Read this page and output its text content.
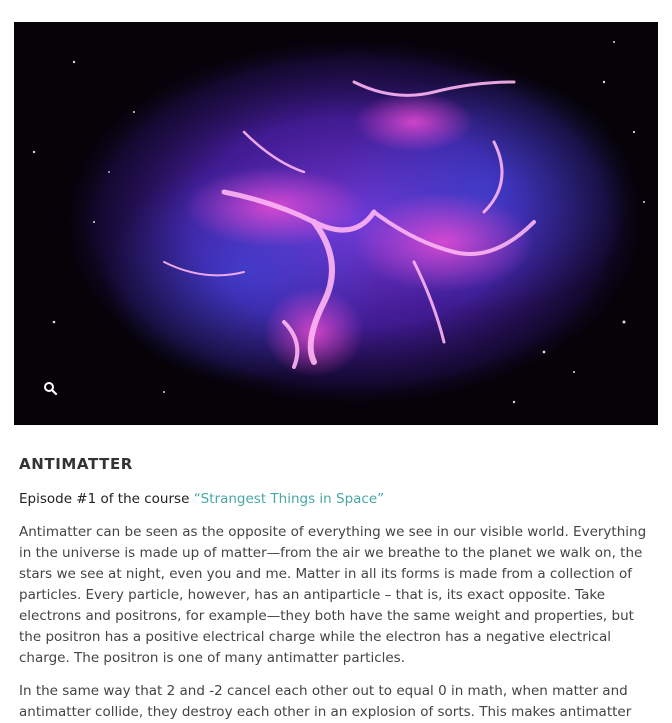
ANTIMATTER

Episode #1 of the course “Strangest Things in Space”

Antimatter can be seen as the opposite of everything we see in our visible world. Everything in the universe is made up of matter—from the air we breathe to the planet we walk on, the stars we see at night, even you and me. Matter in all its forms is made from a collection of particles. Every particle, however, has an antiparticle – that is, its exact opposite. Take electrons and positrons, for example—they both have the same weight and properties, but the positron has a positive electrical charge while the electron has a negative electrical charge. The positron is one of many antimatter particles.

In the same way that 2 and -2 cancel each other out to equal 0 in math, when matter and antimatter collide, they destroy each other in an explosion of sorts. This makes antimatter
